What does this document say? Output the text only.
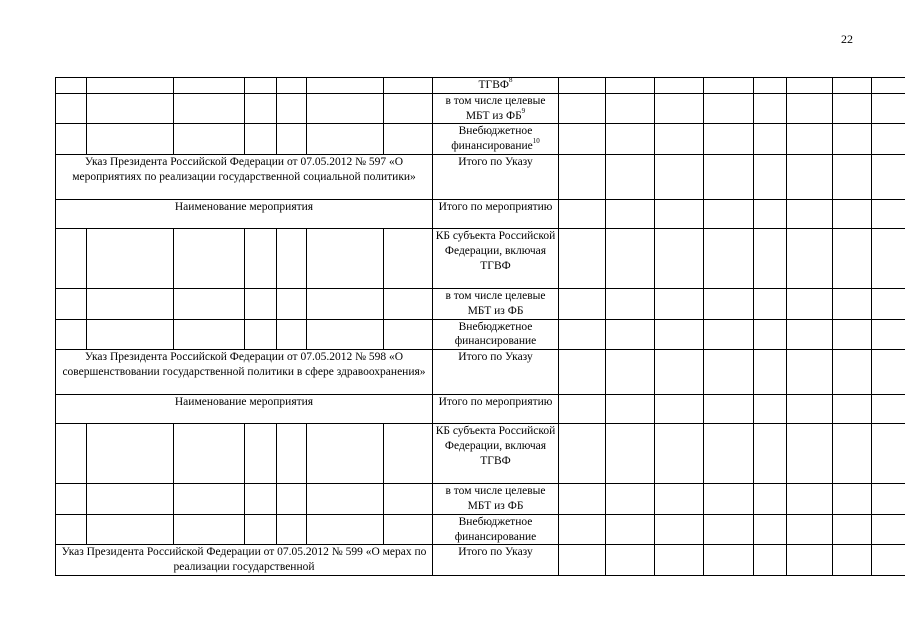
22
							ТГВФ$^8$								
							в том числе целевые МБТ из $ФБ^9$								
							Внебюджетное финансирование$^{10}$								
Указ Президента Российской Федерации от 07.05.2012 № 597 «О мероприятиях по реализации государственной социальной политики»							Итого по Указу								
Наименование мероприятия							Итого по мероприятию								
							КБ субъекта Российской Федерации, включая ТГВФ								
							в том числе целевые МБТ из ФБ								
							Внебюджетное финансирование								
Указ Президента Российской Федерации от 07.05.2012 № 598 «О совершенствовании государственной политики в сфере здравоохранения»							Итого по Указу								
Наименование мероприятия							Итого по мероприятию								
							КБ субъекта Российской Федерации, включая ТГВФ								
							в том числе целевые МБТ из ФБ								
							Внебюджетное финансирование								
Указ Президента Российской Федерации от 07.05.2012 № 599 «О мерах по реализации государственной							Итого по Указу								
